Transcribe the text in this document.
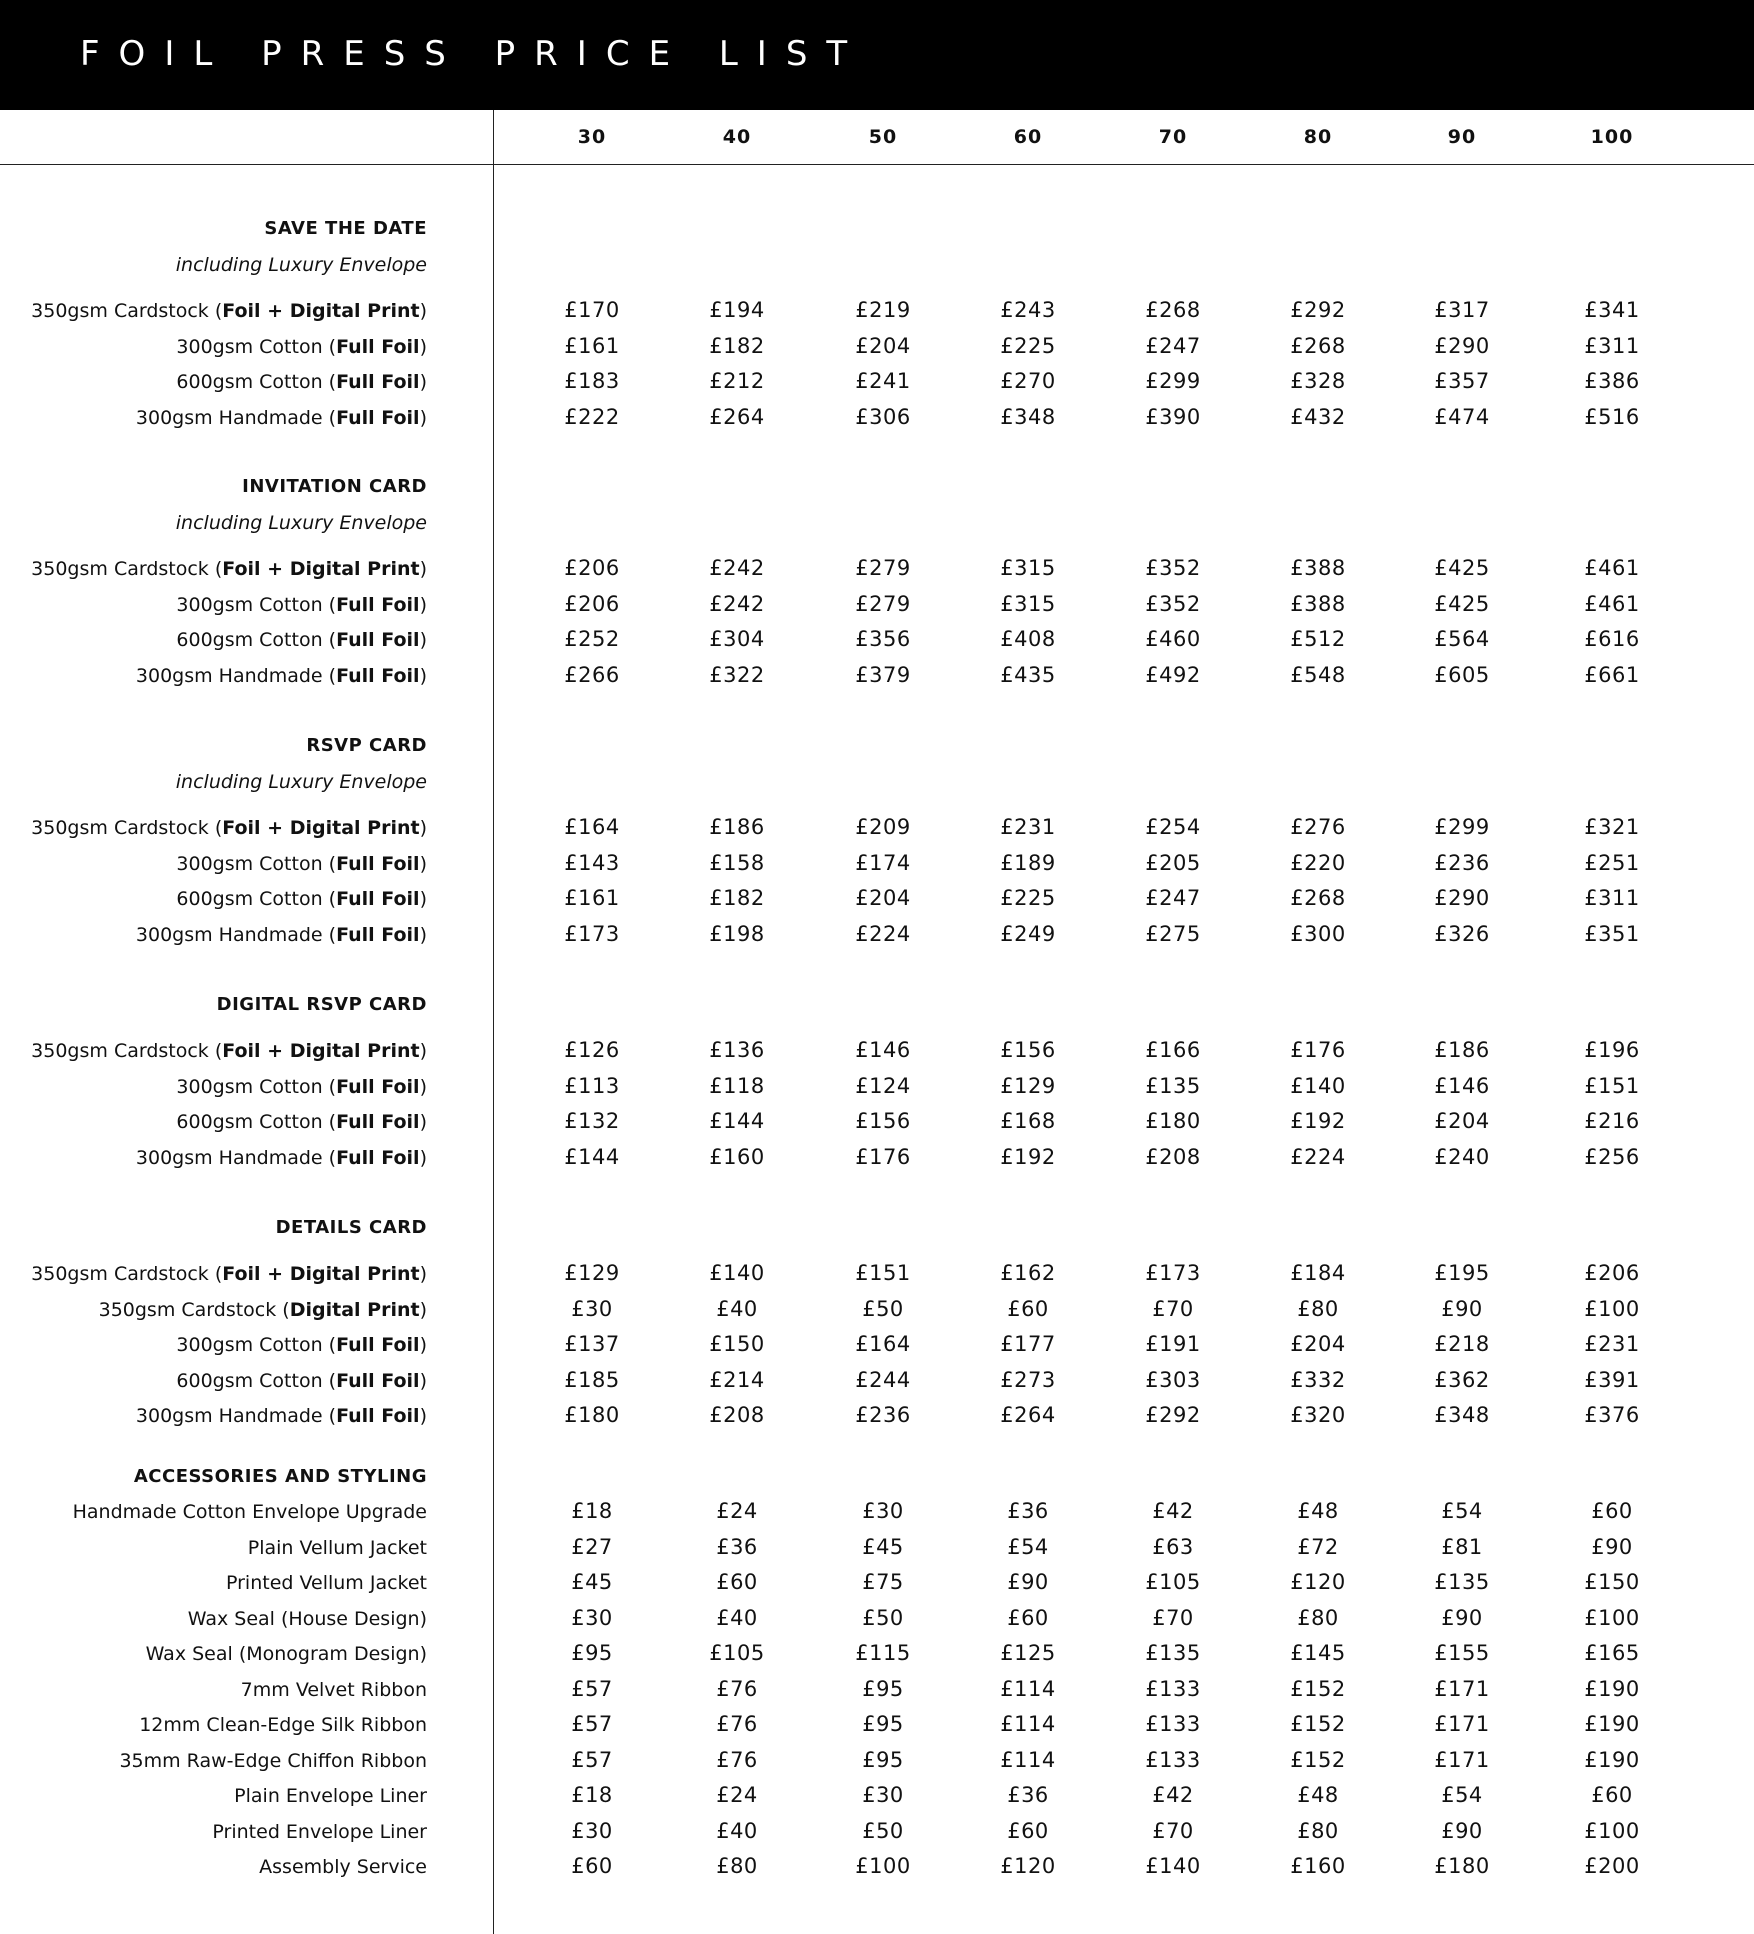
FOIL PRESS PRICE LIST
30	40	50	60	70	80	90	100
SAVE THE DATE
including Luxury Envelope
350gsm Cardstock (Foil + Digital Print)	£170	£194	£219	£243	£268	£292	£317	£341
300gsm Cotton (Full Foil)	£161	£182	£204	£225	£247	£268	£290	£311
600gsm Cotton (Full Foil)	£183	£212	£241	£270	£299	£328	£357	£386
300gsm Handmade (Full Foil)	£222	£264	£306	£348	£390	£432	£474	£516
INVITATION CARD
including Luxury Envelope
350gsm Cardstock (Foil + Digital Print)	£206	£242	£279	£315	£352	£388	£425	£461
300gsm Cotton (Full Foil)	£206	£242	£279	£315	£352	£388	£425	£461
600gsm Cotton (Full Foil)	£252	£304	£356	£408	£460	£512	£564	£616
300gsm Handmade (Full Foil)	£266	£322	£379	£435	£492	£548	£605	£661
RSVP CARD
including Luxury Envelope
350gsm Cardstock (Foil + Digital Print)	£164	£186	£209	£231	£254	£276	£299	£321
300gsm Cotton (Full Foil)	£143	£158	£174	£189	£205	£220	£236	£251
600gsm Cotton (Full Foil)	£161	£182	£204	£225	£247	£268	£290	£311
300gsm Handmade (Full Foil)	£173	£198	£224	£249	£275	£300	£326	£351
DIGITAL RSVP CARD
350gsm Cardstock (Foil + Digital Print)	£126	£136	£146	£156	£166	£176	£186	£196
300gsm Cotton (Full Foil)	£113	£118	£124	£129	£135	£140	£146	£151
600gsm Cotton (Full Foil)	£132	£144	£156	£168	£180	£192	£204	£216
300gsm Handmade (Full Foil)	£144	£160	£176	£192	£208	£224	£240	£256
DETAILS CARD
350gsm Cardstock (Foil + Digital Print)	£129	£140	£151	£162	£173	£184	£195	£206
350gsm Cardstock (Digital Print)	£30	£40	£50	£60	£70	£80	£90	£100
300gsm Cotton (Full Foil)	£137	£150	£164	£177	£191	£204	£218	£231
600gsm Cotton (Full Foil)	£185	£214	£244	£273	£303	£332	£362	£391
300gsm Handmade (Full Foil)	£180	£208	£236	£264	£292	£320	£348	£376
ACCESSORIES AND STYLING
Handmade Cotton Envelope Upgrade	£18	£24	£30	£36	£42	£48	£54	£60
Plain Vellum Jacket	£27	£36	£45	£54	£63	£72	£81	£90
Printed Vellum Jacket	£45	£60	£75	£90	£105	£120	£135	£150
Wax Seal (House Design)	£30	£40	£50	£60	£70	£80	£90	£100
Wax Seal (Monogram Design)	£95	£105	£115	£125	£135	£145	£155	£165
7mm Velvet Ribbon	£57	£76	£95	£114	£133	£152	£171	£190
12mm Clean-Edge Silk Ribbon	£57	£76	£95	£114	£133	£152	£171	£190
35mm Raw-Edge Chiffon Ribbon	£57	£76	£95	£114	£133	£152	£171	£190
Plain Envelope Liner	£18	£24	£30	£36	£42	£48	£54	£60
Printed Envelope Liner	£30	£40	£50	£60	£70	£80	£90	£100
Assembly Service	£60	£80	£100	£120	£140	£160	£180	£200
